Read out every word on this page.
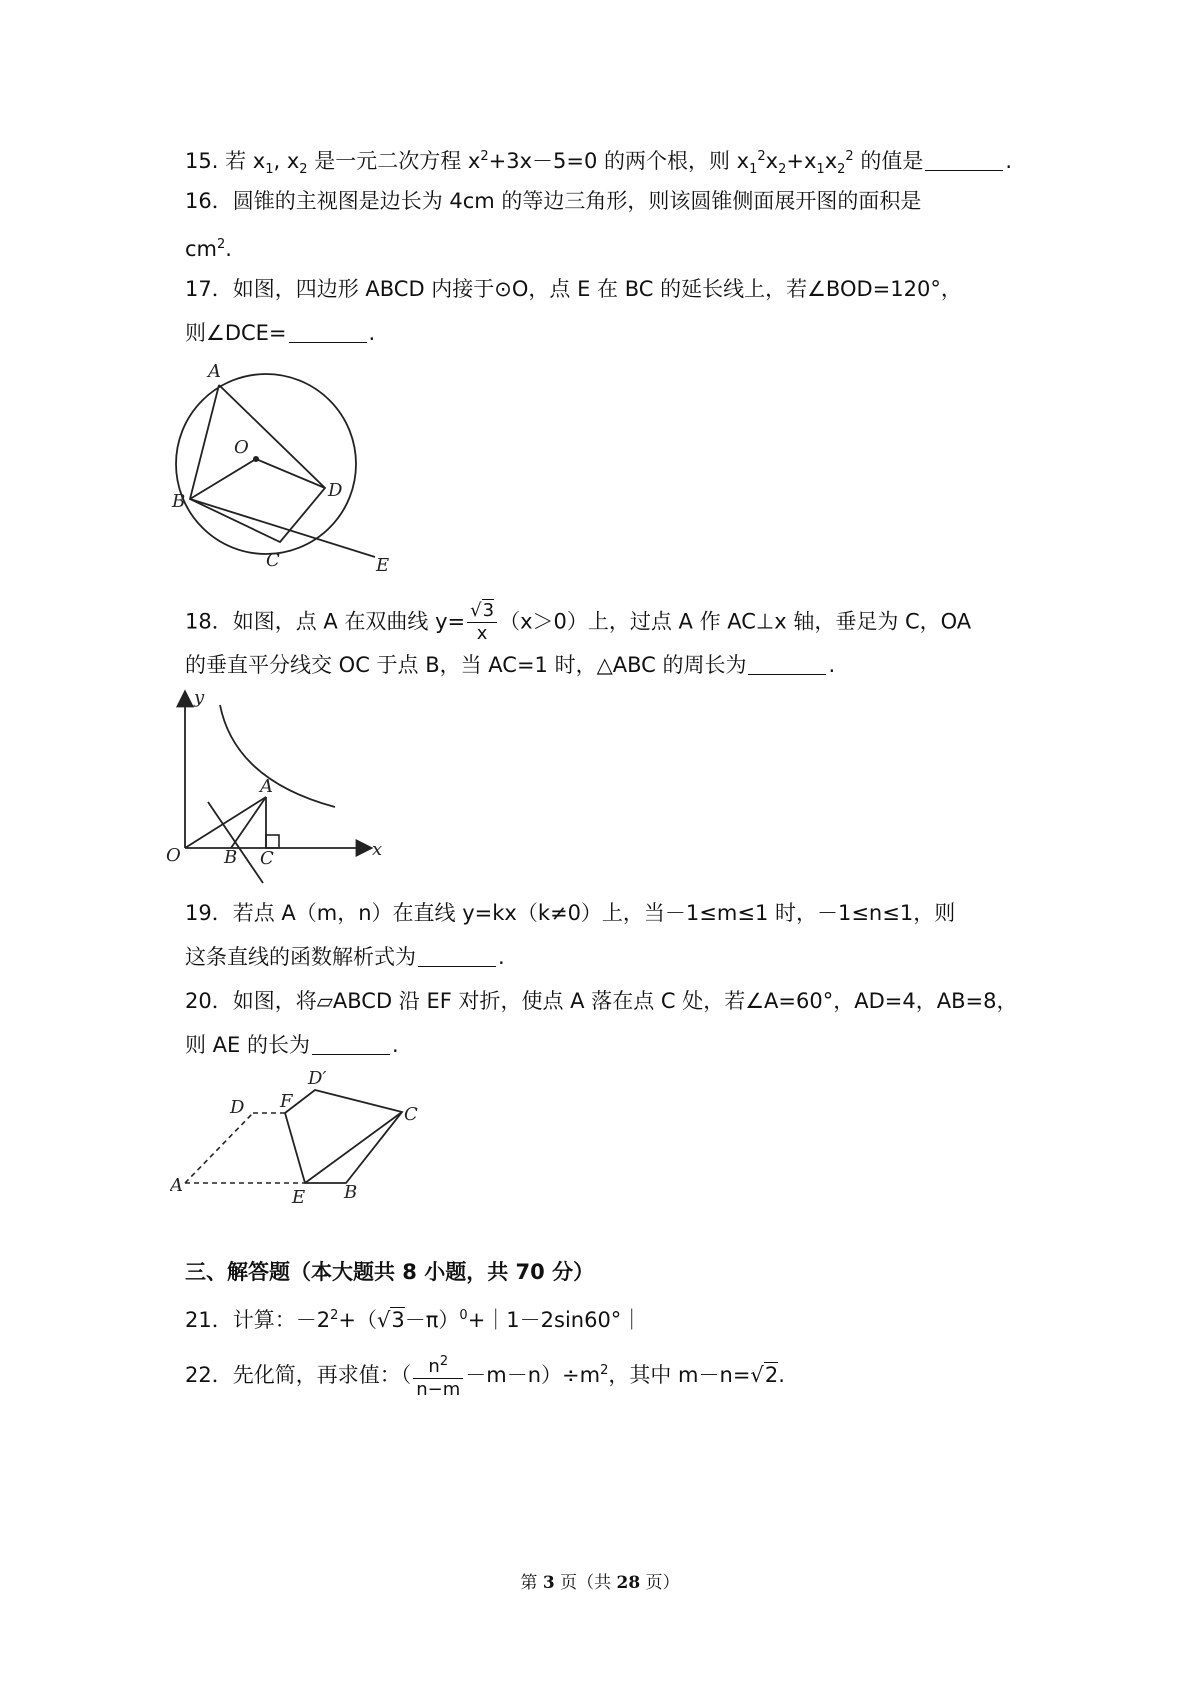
15. 若 $x_1$, $x_2$ 是一元二次方程 $x^2+3x-5=0$ 的两个根，则 $x_1^2x_2+x_1x_2^2$ 的值是	.
16．圆锥的主视图是边长为 4cm 的等边三角形，则该圆锥侧面展开图的面积是
$cm^2$.
17．如图，四边形 ABCD 内接于⊙O，点 E 在 BC 的延长线上，若∠BOD=120°，
则∠DCE=	.
A
O
B
C
D
E
18．如图，点 A 在双曲线 $y= \frac{√3}{x} (x>0)$上，过点 A 作 AC⊥x 轴，垂足为 C，OA
的垂直平分线交 OC 于点 B，当 AC=1 时，△ABC 的周长为	.
y
x
A
O B C
19．若点 A（m，n）在直线 y=kx（k≠0）上，当－1≤m≤1 时，－1≤n≤1，则
这条直线的函数解析式为	.
20．如图，将▱ABCD 沿 EF 对折，使点 A 落在点 C 处，若∠A=60°，AD=4，AB=8，
则 AE 的长为	.
D F
D′
C
A
E B
三、解答题（本大题共 8 小题，共 70 分）
21．计算：$-2^2+(√3-\pi)^0+|1-2\sin 60^\circ|$
22．先化简，再求值：（ $\frac{n^2}{n-m} -m-n)\div m^2$，其中 m－n=√2.
第 3 页（共 28 页）
